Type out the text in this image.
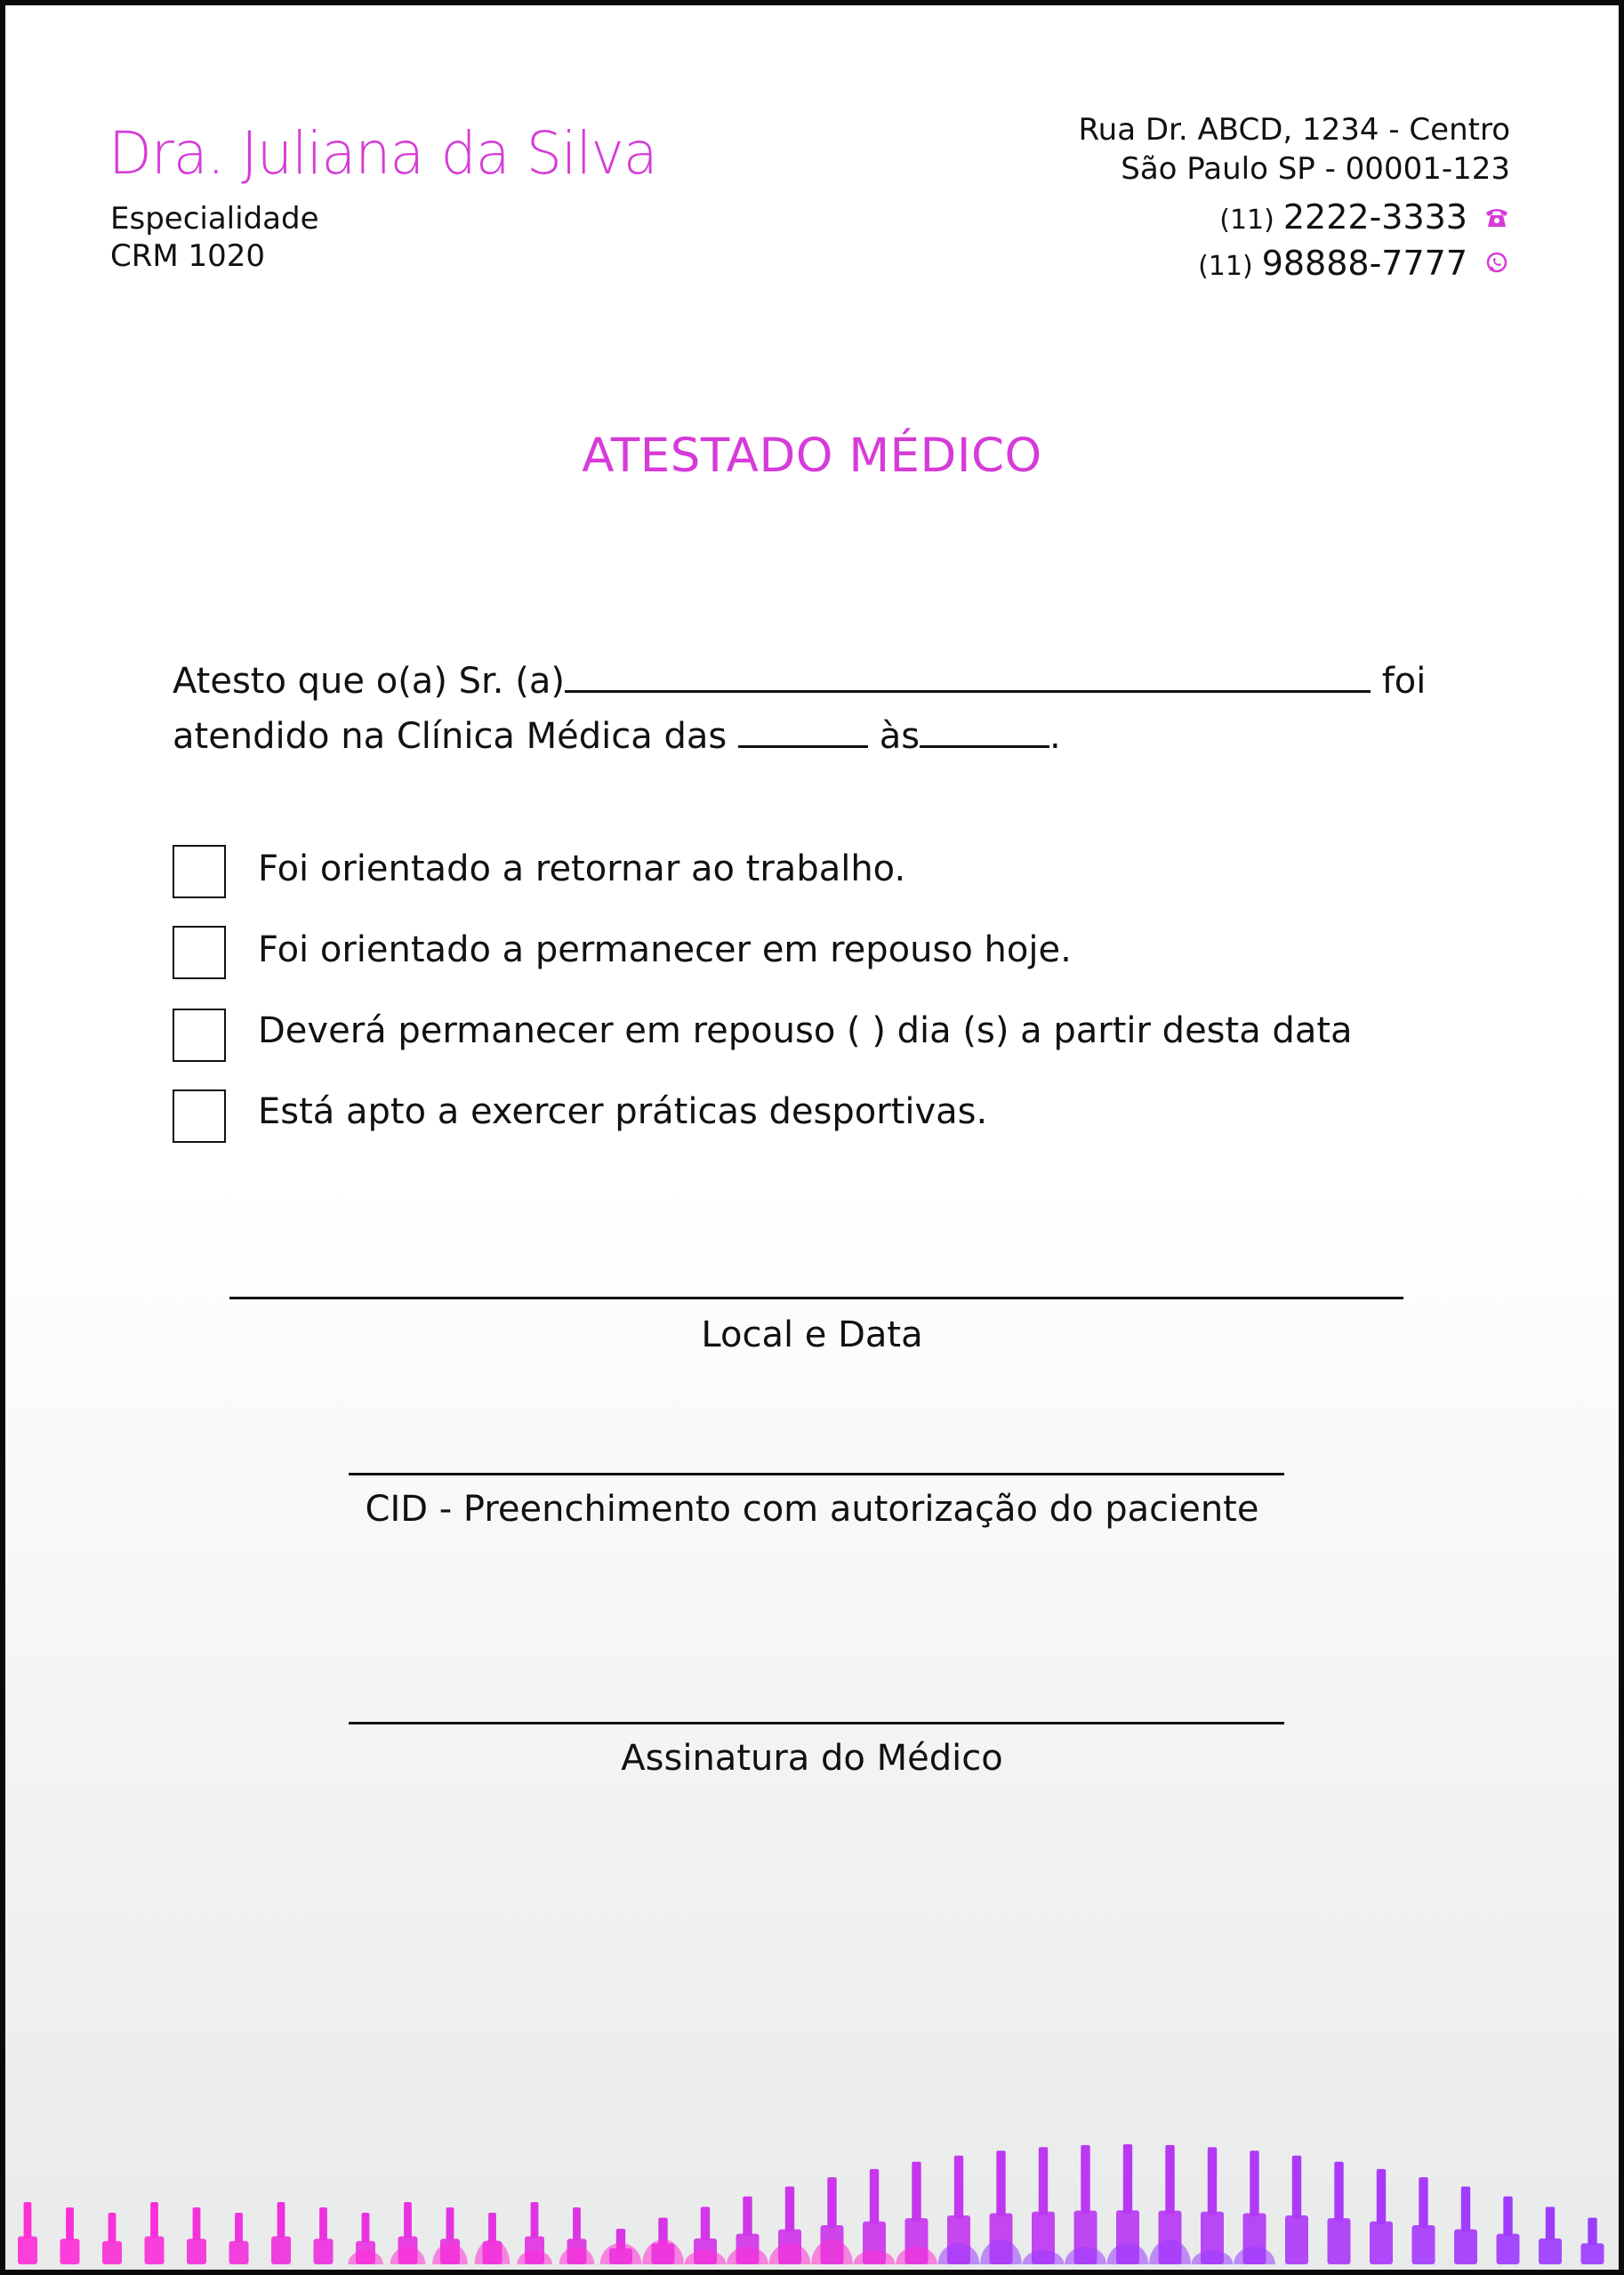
Dra. Juliana da Silva
Especialidade
CRM 1020
Rua Dr. ABCD, 1234 - Centro
São Paulo SP - 00001-123
(11) 2222-3333
(11) 98888-7777
ATESTADO MÉDICO
Atesto que o(a) Sr. (a)	foi
atendido na Clínica Médica das	às	.
Foi orientado a retornar ao trabalho.
Foi orientado a permanecer em repouso hoje.
Deverá permanecer em repouso ( ) dia (s) a partir desta data
Está apto a exercer práticas desportivas.
Local e Data
CID - Preenchimento com autorização do paciente
Assinatura do Médico
